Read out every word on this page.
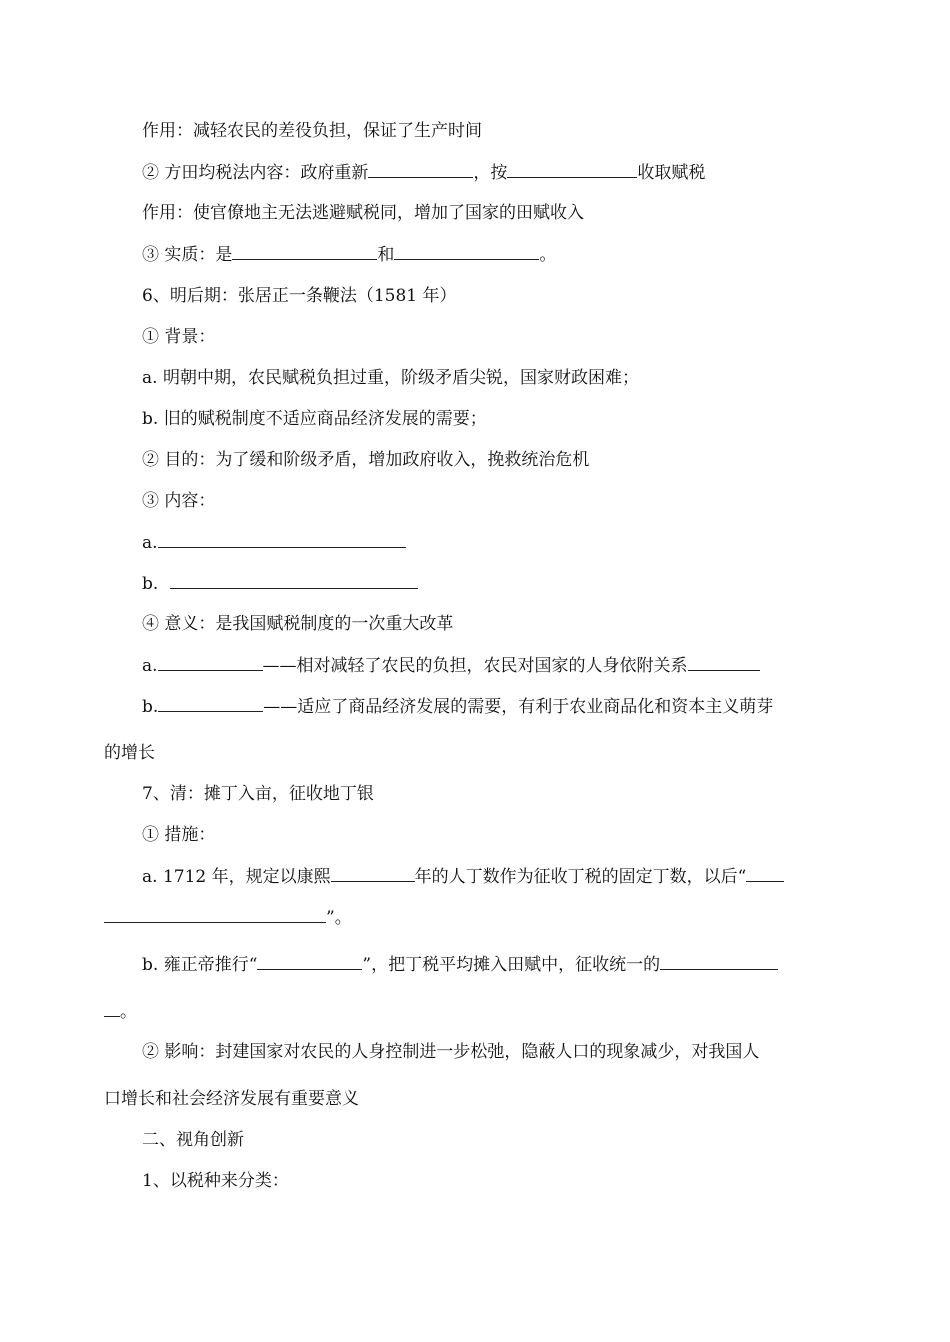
作用：减轻农民的差役负担，保证了生产时间
② 方田均税法内容：政府重新	，按	收取赋税
作用：使官僚地主无法逃避赋税同，增加了国家的田赋收入
③ 实质：是	和	。
6、明后期：张居正一条鞭法（1581 年）
① 背景：
a. 明朝中期，农民赋税负担过重，阶级矛盾尖锐，国家财政困难；
b. 旧的赋税制度不适应商品经济发展的需要；
② 目的：为了缓和阶级矛盾，增加政府收入，挽救统治危机
③ 内容：
a.
b.
④ 意义：是我国赋税制度的一次重大改革
a.	——相对减轻了农民的负担，农民对国家的人身依附关系
b.	——适应了商品经济发展的需要，有利于农业商品化和资本主义萌芽
的增长
7、清：摊丁入亩，征收地丁银
① 措施：
a. 1712 年，规定以康熙	年的人丁数作为征收丁税的固定丁数，以后“
”。
b. 雍正帝推行“	”，把丁税平均摊入田赋中，征收统一的
。
② 影响：封建国家对农民的人身控制进一步松弛，隐蔽人口的现象减少，对我国人
口增长和社会经济发展有重要意义
二、视角创新
1、以税种来分类：
